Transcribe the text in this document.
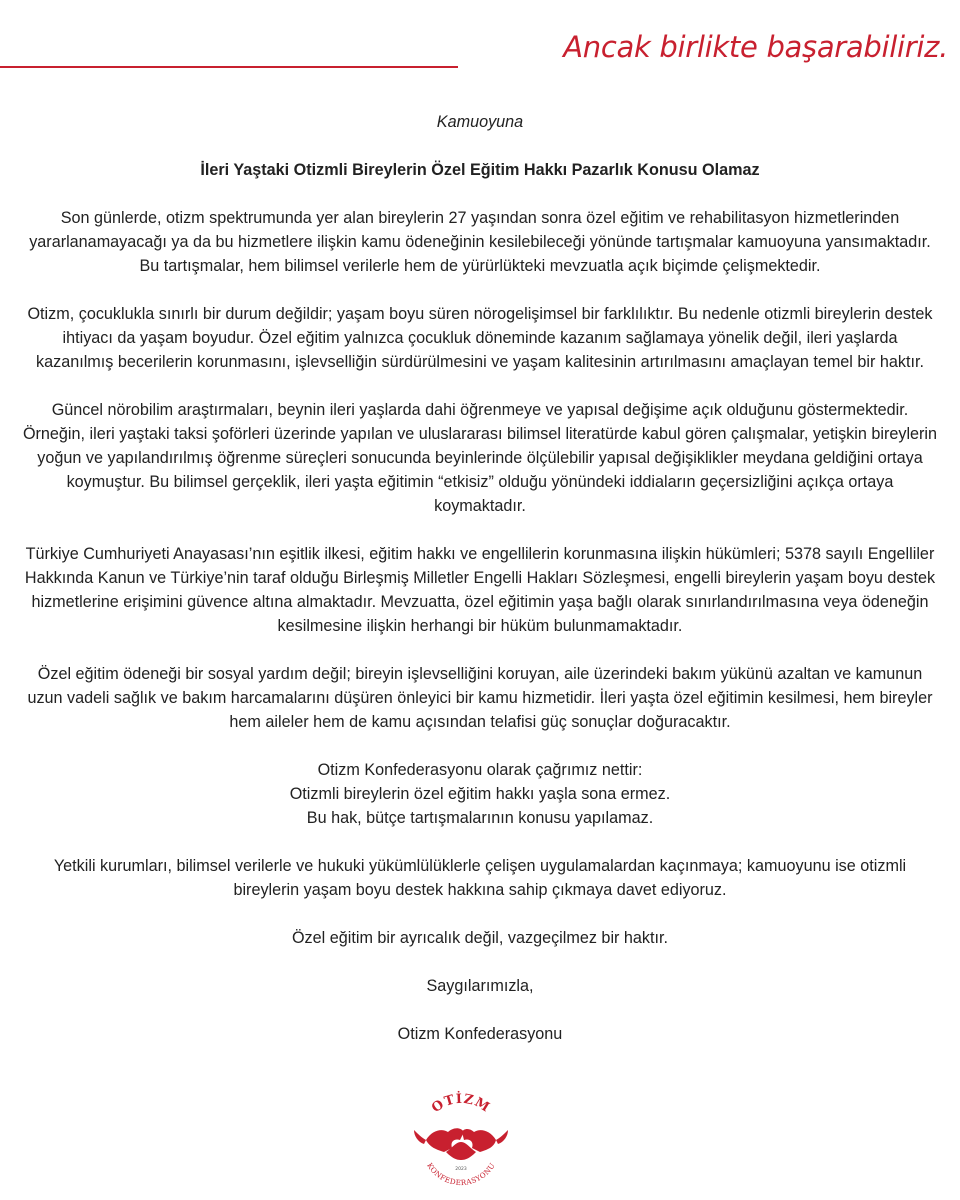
Ancak birlikte başarabiliriz.

Kamuoyuna

İleri Yaştaki Otizmli Bireylerin Özel Eğitim Hakkı Pazarlık Konusu Olamaz

Son günlerde, otizm spektrumunda yer alan bireylerin 27 yaşından sonra özel eğitim ve rehabilitasyon hizmetlerinden yararlanamayacağı ya da bu hizmetlere ilişkin kamu ödeneğinin kesilebileceği yönünde tartışmalar kamuoyuna yansımaktadır. Bu tartışmalar, hem bilimsel verilerle hem de yürürlükteki mevzuatla açık biçimde çelişmektedir.

Otizm, çocuklukla sınırlı bir durum değildir; yaşam boyu süren nörogelişimsel bir farklılıktır. Bu nedenle otizmli bireylerin destek ihtiyacı da yaşam boyudur. Özel eğitim yalnızca çocukluk döneminde kazanım sağlamaya yönelik değil, ileri yaşlarda kazanılmış becerilerin korunmasını, işlevselliğin sürdürülmesini ve yaşam kalitesinin artırılmasını amaçlayan temel bir haktır.

Güncel nörobilim araştırmaları, beynin ileri yaşlarda dahi öğrenmeye ve yapısal değişime açık olduğunu göstermektedir. Örneğin, ileri yaştaki taksi şoförleri üzerinde yapılan ve uluslararası bilimsel literatürde kabul gören çalışmalar, yetişkin bireylerin yoğun ve yapılandırılmış öğrenme süreçleri sonucunda beyinlerinde ölçülebilir yapısal değişiklikler meydana geldiğini ortaya koymuştur. Bu bilimsel gerçeklik, ileri yaşta eğitimin “etkisiz” olduğu yönündeki iddiaların geçersizliğini açıkça ortaya koymaktadır.

Türkiye Cumhuriyeti Anayasası’nın eşitlik ilkesi, eğitim hakkı ve engellilerin korunmasına ilişkin hükümleri; 5378 sayılı Engelliler Hakkında Kanun ve Türkiye’nin taraf olduğu Birleşmiş Milletler Engelli Hakları Sözleşmesi, engelli bireylerin yaşam boyu destek hizmetlerine erişimini güvence altına almaktadır. Mevzuatta, özel eğitimin yaşa bağlı olarak sınırlandırılmasına veya ödeneğin kesilmesine ilişkin herhangi bir hüküm bulunmamaktadır.

Özel eğitim ödeneği bir sosyal yardım değil; bireyin işlevselliğini koruyan, aile üzerindeki bakım yükünü azaltan ve kamunun uzun vadeli sağlık ve bakım harcamalarını düşüren önleyici bir kamu hizmetidir. İleri yaşta özel eğitimin kesilmesi, hem bireyler hem aileler hem de kamu açısından telafisi güç sonuçlar doğuracaktır.

Otizm Konfederasyonu olarak çağrımız nettir:

Otizmli bireylerin özel eğitim hakkı yaşla sona ermez.

Bu hak, bütçe tartışmalarının konusu yapılamaz.

Yetkili kurumları, bilimsel verilerle ve hukuki yükümlülüklerle çelişen uygulamalardan kaçınmaya; kamuoyunu ise otizmli bireylerin yaşam boyu destek hakkına sahip çıkmaya davet ediyoruz.

Özel eğitim bir ayrıcalık değil, vazgeçilmez bir haktır.

Saygılarımızla,

Otizm Konfederasyonu

OTİZM
2023
KONFEDERASYONU
